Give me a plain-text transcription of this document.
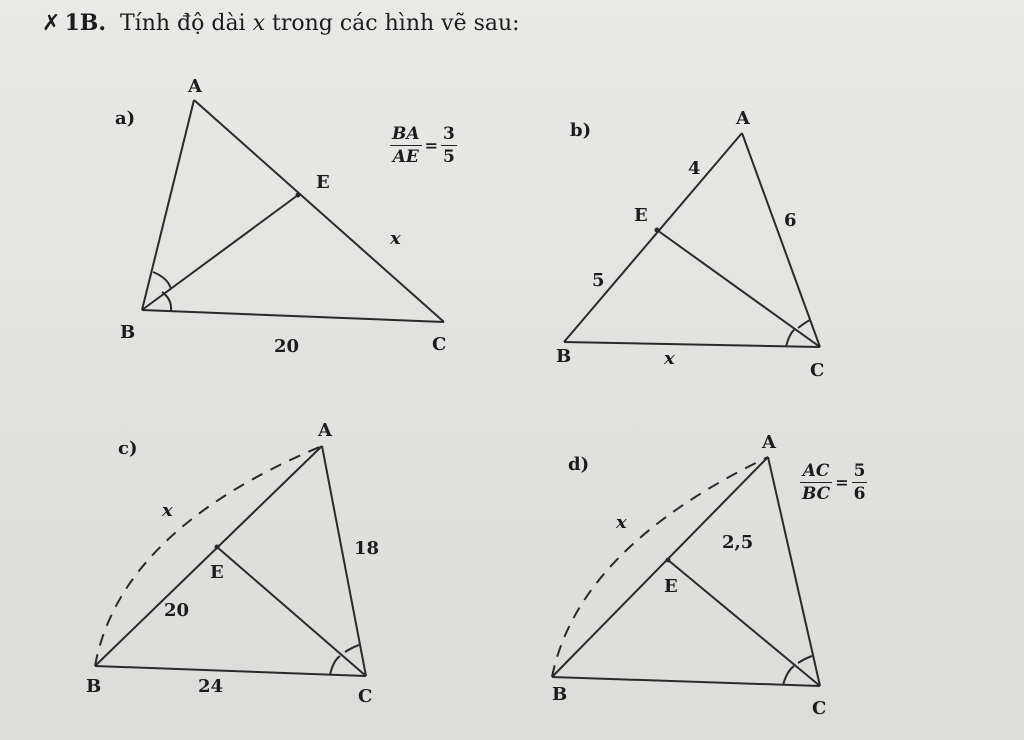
✗ 1B. Tính độ dài x trong các hình vẽ sau:
a)
A
B
C
E
x
20
BA
AE
=
3
5
b)
A
B
C
E
4
6
5
x
c)
A
B	C
E
x
18
20
24
d)
A
B
C
E
x
2,5
AC
BC
=
5
6
